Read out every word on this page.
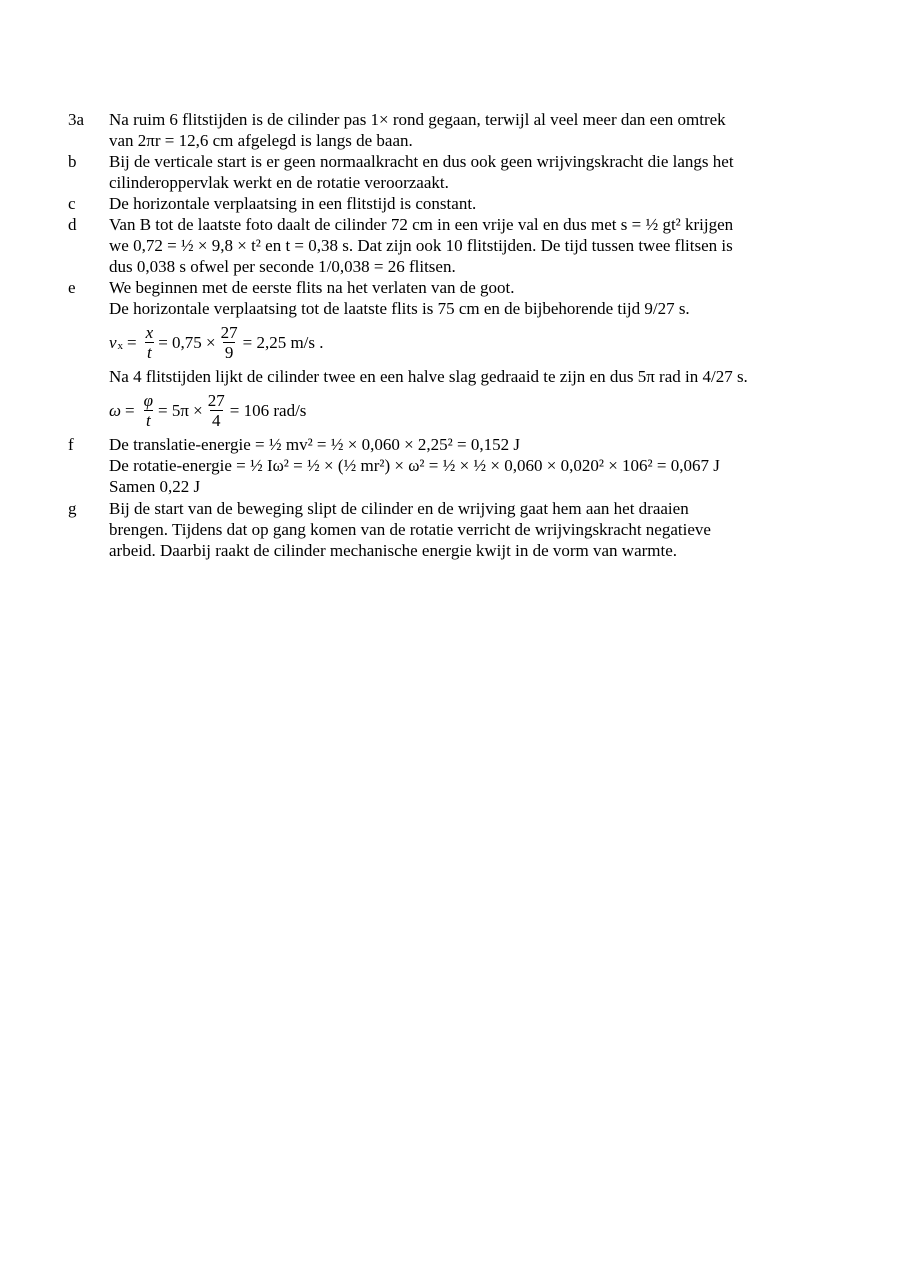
3a	Na ruim 6 flitstijden is de cilinder pas 1× rond gegaan, terwijl al veel meer dan een omtrek
van 2πr = 12,6 cm afgelegd is langs de baan.
b	Bij de verticale start is er geen normaalkracht en dus ook geen wrijvingskracht die langs het
cilinderoppervlak werkt en de rotatie veroorzaakt.
c	De horizontale verplaatsing in een flitstijd is constant.
d	Van B tot de laatste foto daalt de cilinder 72 cm in een vrije val en dus met s = ½ gt² krijgen
we 0,72 = ½ × 9,8 × t² en t = 0,38 s. Dat zijn ook 10 flitstijden. De tijd tussen twee flitsen is
dus 0,038 s ofwel per seconde 1/0,038 = 26 flitsen.
e	We beginnen met de eerste flits na het verlaten van de goot.
De horizontale verplaatsing tot de laatste flits is 75 cm en de bijbehorende tijd 9/27 s.
v $x = \frac{x}{t} = 0,75 \times \frac{27}{9} = 2,25$ m/s .
Na 4 flitstijden lijkt de cilinder twee en een halve slag gedraaid te zijn en dus 5π rad in 4/27 s.
$\omega = \frac{\varphi}{t} = 5\pi \times \frac{27}{4} = 106$ rad/s
f	De translatie-energie = ½ mv² = ½ × 0,060 × 2,25² = 0,152 J
De rotatie-energie = ½ Iω² = ½ × (½ mr²) × ω² = ½ × ½ × 0,060 × 0,020² × 106² = 0,067 J
Samen 0,22 J
g	Bij de start van de beweging slipt de cilinder en de wrijving gaat hem aan het draaien
brengen. Tijdens dat op gang komen van de rotatie verricht de wrijvingskracht negatieve
arbeid. Daarbij raakt de cilinder mechanische energie kwijt in de vorm van warmte.
